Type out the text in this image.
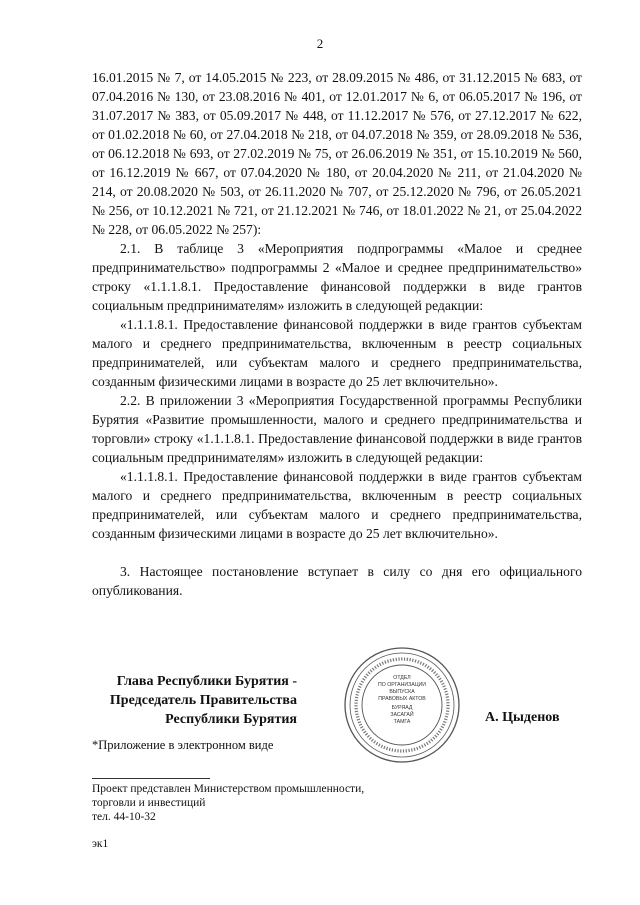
2

16.01.2015 № 7, от 14.05.2015 № 223, от 28.09.2015 № 486, от 31.12.2015 № 683, от 07.04.2016 № 130, от 23.08.2016 № 401, от 12.01.2017 № 6, от 06.05.2017 № 196, от 31.07.2017 № 383, от 05.09.2017 № 448, от 11.12.2017 № 576, от 27.12.2017 № 622, от 01.02.2018 № 60, от 27.04.2018 № 218, от 04.07.2018 № 359, от 28.09.2018 № 536, от 06.12.2018 № 693, от 27.02.2019 № 75, от 26.06.2019 № 351, от 15.10.2019 № 560, от 16.12.2019 № 667, от 07.04.2020 № 180, от 20.04.2020 № 211, от 21.04.2020 № 214, от 20.08.2020 № 503, от 26.11.2020 № 707, от 25.12.2020 № 796, от 26.05.2021 № 256, от 10.12.2021 № 721, от 21.12.2021 № 746, от 18.01.2022 № 21, от 25.04.2022 № 228, от 06.05.2022 № 257):

2.1. В таблице 3 «Мероприятия подпрограммы «Малое и среднее предпринимательство» подпрограммы 2 «Малое и среднее предпринимательство» строку «1.1.1.8.1. Предоставление финансовой поддержки в виде грантов социальным предпринимателям» изложить в следующей редакции:

«1.1.1.8.1. Предоставление финансовой поддержки в виде грантов субъектам малого и среднего предпринимательства, включенным в реестр социальных предпринимателей, или субъектам малого и среднего предпринимательства, созданным физическими лицами в возрасте до 25 лет включительно».

2.2. В приложении 3 «Мероприятия Государственной программы Республики Бурятия «Развитие промышленности, малого и среднего предпринимательства и торговли» строку «1.1.1.8.1. Предоставление финансовой поддержки в виде грантов социальным предпринимателям» изложить в следующей редакции:

«1.1.1.8.1. Предоставление финансовой поддержки в виде грантов субъектам малого и среднего предпринимательства, включенным в реестр социальных предпринимателей, или субъектам малого и среднего предпринимательства, созданным физическими лицами в возрасте до 25 лет включительно».

3. Настоящее постановление вступает в силу со дня его официального опубликования.

Глава Республики Бурятия -
Председатель Правительства
Республики Бурятия
ОТДЕЛ
ПО ОРГАНИЗАЦИИ
ВЫПУСКА
ПРАВОВЫХ АКТОВ
БУРЯАД
ЗАСАГАЙ
ТАМГА	А. Цыденов
*Приложение в электронном виде
Проект представлен Министерством промышленности,
торговли и инвестиций
тел. 44-10-32
эк1
